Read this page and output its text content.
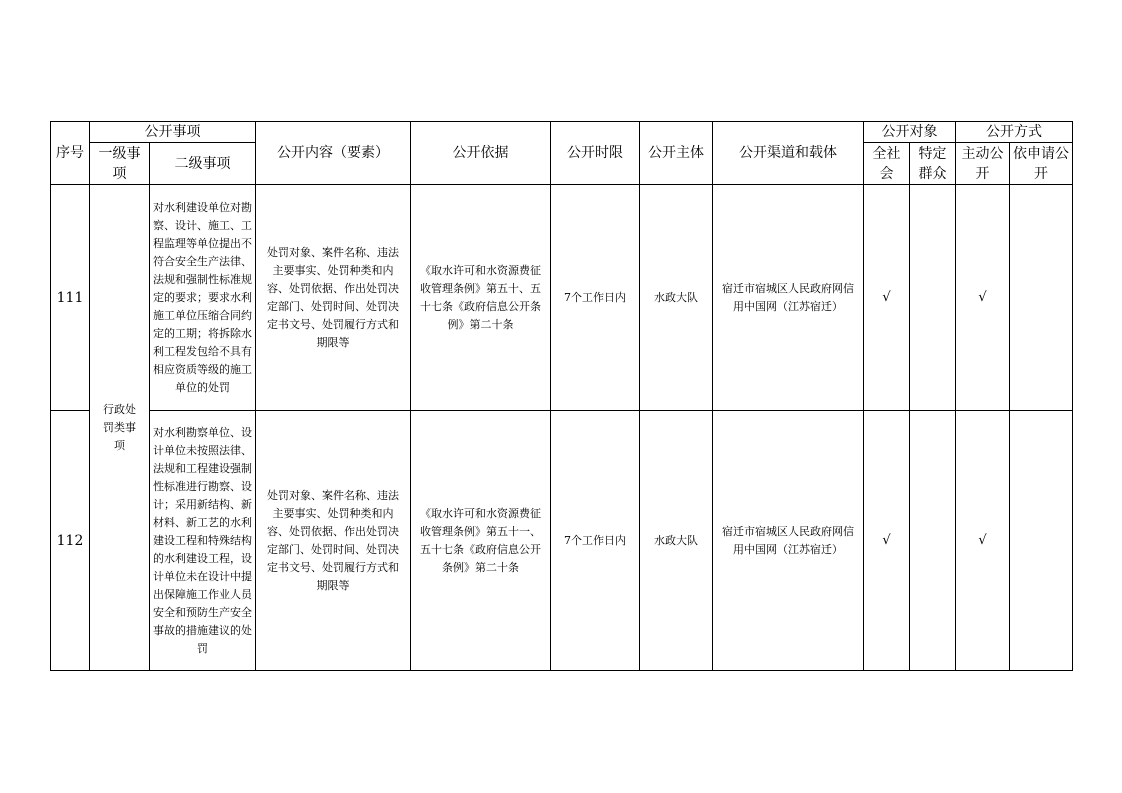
序号	公开事项		公开内容（要素）	公开依据	公开时限	公开主体	公开渠道和载体	公开对象		公开方式	
	一级事项	二级事项						全社会	特定群众	主动公开	依申请公开
111	行政处罚类事项	对水利建设单位对勘察、设计、施工、工程监理等单位提出不符合安全生产法律、法规和强制性标准规定的要求；要求水利施工单位压缩合同约定的工期；将拆除水利工程发包给不具有相应资质等级的施工单位的处罚	处罚对象、案件名称、违法主要事实、处罚种类和内容、处罚依据、作出处罚决定部门、处罚时间、处罚决定书文号、处罚履行方式和期限等	《取水许可和水资源费征收管理条例》第五十、五十七条《政府信息公开条例》第二十条	7个工作日内	水政大队	宿迁市宿城区人民政府网信用中国网（江苏宿迁）	√		√	
112		对水利勘察单位、设计单位未按照法律、法规和工程建设强制性标准进行勘察、设计；采用新结构、新材料、新工艺的水利建设工程和特殊结构的水利建设工程，设计单位未在设计中提出保障施工作业人员安全和预防生产安全事故的措施建议的处罚	处罚对象、案件名称、违法主要事实、处罚种类和内容、处罚依据、作出处罚决定部门、处罚时间、处罚决定书文号、处罚履行方式和期限等	《取水许可和水资源费征收管理条例》第五十一、五十七条《政府信息公开条例》第二十条	7个工作日内	水政大队	宿迁市宿城区人民政府网信用中国网（江苏宿迁）	√		√	
